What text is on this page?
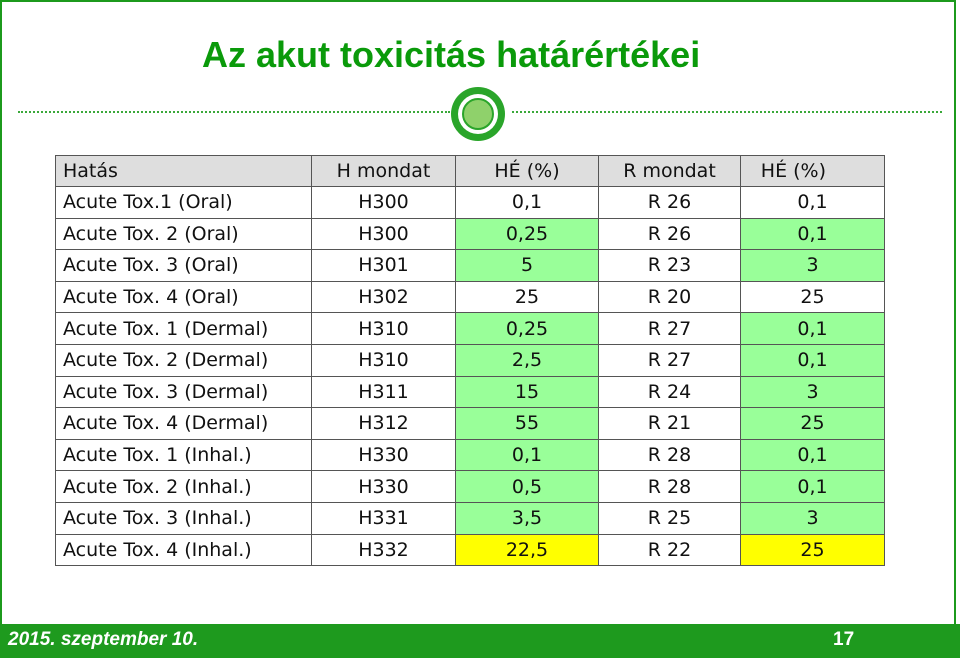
Az akut toxicitás határértékei
Hatás	H mondat	HÉ (%)	R mondat	HÉ (%)
Acute Tox.1 (Oral)	H300	0,1	R 26	0,1
Acute Tox. 2 (Oral)	H300	0,25	R 26	0,1
Acute Tox. 3 (Oral)	H301	5	R 23	3
Acute Tox. 4 (Oral)	H302	25	R 20	25
Acute Tox. 1 (Dermal)	H310	0,25	R 27	0,1
Acute Tox. 2 (Dermal)	H310	2,5	R 27	0,1
Acute Tox. 3 (Dermal)	H311	15	R 24	3
Acute Tox. 4 (Dermal)	H312	55	R 21	25
Acute Tox. 1 (Inhal.)	H330	0,1	R 28	0,1
Acute Tox. 2 (Inhal.)	H330	0,5	R 28	0,1
Acute Tox. 3 (Inhal.)	H331	3,5	R 25	3
Acute Tox. 4 (Inhal.)	H332	22,5	R 22	25
2015. szeptember 10.	17
